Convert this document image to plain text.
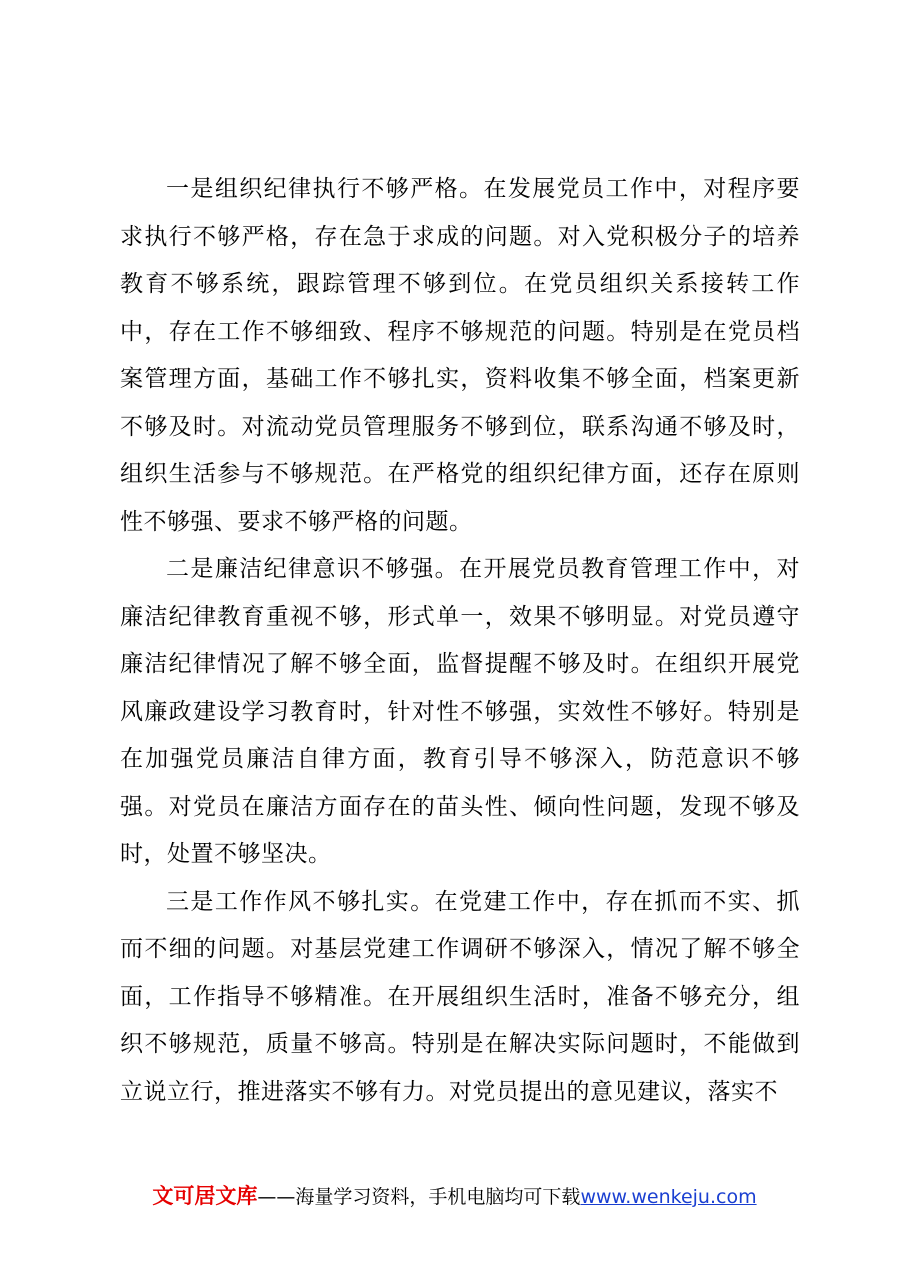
一是组织纪律执行不够严格。在发展党员工作中，对程序要求执行不够严格，存在急于求成的问题。对入党积极分子的培养教育不够系统，跟踪管理不够到位。在党员组织关系接转工作中，存在工作不够细致、程序不够规范的问题。特别是在党员档案管理方面，基础工作不够扎实，资料收集不够全面，档案更新不够及时。对流动党员管理服务不够到位，联系沟通不够及时，组织生活参与不够规范。在严格党的组织纪律方面，还存在原则性不够强、要求不够严格的问题。

二是廉洁纪律意识不够强。在开展党员教育管理工作中，对廉洁纪律教育重视不够，形式单一，效果不够明显。对党员遵守廉洁纪律情况了解不够全面，监督提醒不够及时。在组织开展党风廉政建设学习教育时，针对性不够强，实效性不够好。特别是在加强党员廉洁自律方面，教育引导不够深入，防范意识不够强。对党员在廉洁方面存在的苗头性、倾向性问题，发现不够及时，处置不够坚决。

三是工作作风不够扎实。在党建工作中，存在抓而不实、抓而不细的问题。对基层党建工作调研不够深入，情况了解不够全面，工作指导不够精准。在开展组织生活时，准备不够充分，组织不够规范，质量不够高。特别是在解决实际问题时，不能做到立说立行，推进落实不够有力。对党员提出的意见建议，落实不

文可居文库——海量学习资料，手机电脑均可下载www.wenkeju.com
